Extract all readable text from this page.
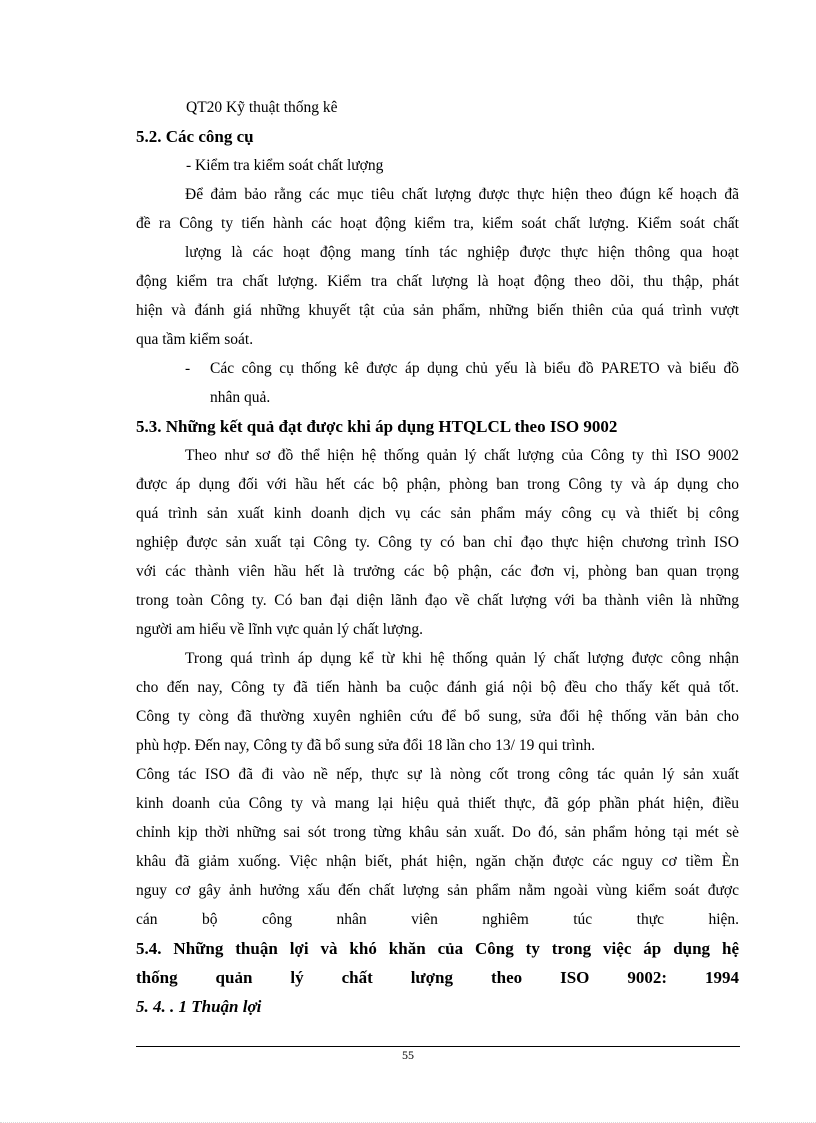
QT20 Kỹ thuật thống kê
5.2. Các công cụ
- Kiểm tra kiểm soát chất lượng
Để đảm bảo rằng các mục tiêu chất lượng được thực hiện theo đúgn kế hoạch đã
đề ra Công ty tiến hành các hoạt động kiểm tra, kiểm soát chất lượng. Kiểm soát chất
lượng là các hoạt động mang tính tác nghiệp được thực hiện thông qua hoạt
động kiểm tra chất lượng. Kiểm tra chất lượng là hoạt động theo dõi, thu thập, phát
hiện và đánh giá những khuyết tật của sản phẩm, những biến thiên của quá trình vượt
qua tầm kiểm soát.
-	Các công cụ thống kê được áp dụng chủ yếu là biểu đồ PARETO và biểu đồ
nhân quả.
5.3. Những kết quả đạt được khi áp dụng HTQLCL theo ISO 9002
Theo như sơ đồ thể hiện hệ thống quản lý chất lượng của Công ty thì ISO 9002
được áp dụng đối với hầu hết các bộ phận, phòng ban trong Công ty và áp dụng cho
quá trình sản xuất kinh doanh dịch vụ các sản phẩm máy công cụ và thiết bị công
nghiệp được sản xuất tại Công ty. Công ty có ban chỉ đạo thực hiện chương trình ISO
với các thành viên hầu hết là trưởng các bộ phận, các đơn vị, phòng ban quan trọng
trong toàn Công ty. Có ban đại diện lãnh đạo về chất lượng với ba thành viên là những
người am hiểu về lĩnh vực quản lý chất lượng.
Trong quá trình áp dụng kể từ khi hệ thống quản lý chất lượng được công nhận
cho đến nay, Công ty đã tiến hành ba cuộc đánh giá nội bộ đều cho thấy kết quả tốt.
Công ty còng đã thường xuyên nghiên cứu để bổ sung, sửa đổi hệ thống văn bản cho
phù hợp. Đến nay, Công ty đã bổ sung sửa đổi 18 lần cho 13/ 19 qui trình.
Công tác ISO đã đi vào nề nếp, thực sự là nòng cốt trong công tác quản lý sản xuất
kinh doanh của Công ty và mang lại hiệu quả thiết thực, đã góp phần phát hiện, điều
chỉnh kịp thời những sai sót trong từng khâu sản xuất. Do đó, sản phẩm hỏng tại mét sè
khâu đã giảm xuống. Việc nhận biết, phát hiện, ngăn chặn được các nguy cơ tiềm Èn
nguy cơ gây ảnh hưởng xấu đến chất lượng sản phẩm nằm ngoài vùng kiểm soát được
cán bộ công nhân viên nghiêm túc thực hiện.
5.4. Những thuận lợi và khó khăn của Công ty trong việc áp dụng hệ
thống quản lý chất lượng theo ISO 9002: 1994
5. 4. . 1 Thuận lợi
55
